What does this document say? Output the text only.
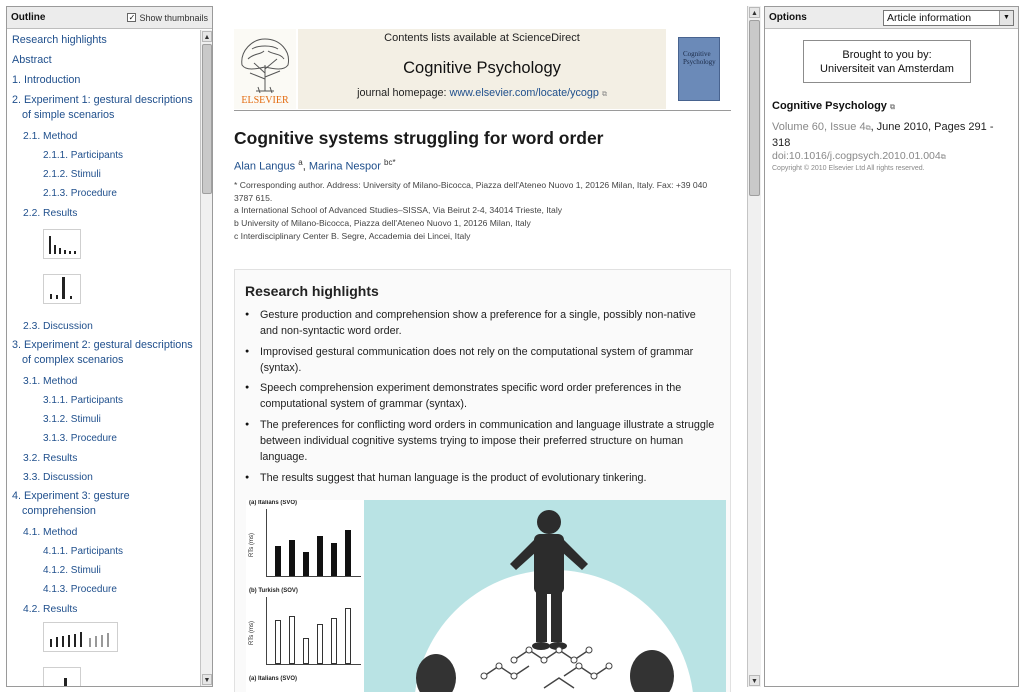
Outline	✓ Show thumbnails
Research highlights
Abstract
1. Introduction
2. Experiment 1: gestural descriptions
of simple scenarios
2.1. Method
2.1.1. Participants
2.1.2. Stimuli
2.1.3. Procedure
2.2. Results
2.3. Discussion
3. Experiment 2: gestural descriptions
of complex scenarios
3.1. Method
3.1.1. Participants
3.1.2. Stimuli
3.1.3. Procedure
3.2. Results
3.3. Discussion
4. Experiment 3: gesture
comprehension
4.1. Method
4.1.1. Participants
4.1.2. Stimuli
4.1.3. Procedure
4.2. Results
▲
▼
ELSEVIER
Contents lists available at ScienceDirect
Cognitive Psychology
journal homepage: www.elsevier.com/locate/ycogp ⧉
Cognitive Psychology
Cognitive systems struggling for word order
Alan Langus $^a$, Marina Nespor $^{bc*}$
* Corresponding author. Address: University of Milano-Bicocca, Piazza dell'Ateneo Nuovo 1, 20126 Milan, Italy. Fax: +39 040
3787 615.
a International School of Advanced Studies–SISSA, Via Beirut 2-4, 34014 Trieste, Italy
b University of Milano-Bicocca, Piazza dell'Ateneo Nuovo 1, 20126 Milan, Italy
c Interdisciplinary Center B. Segre, Accademia dei Lincei, Italy
Research highlights
● Gesture production and comprehension show a preference for a single, possibly non-native and non-syntactic word order.
● Improvised gestural communication does not rely on the computational system of grammar (syntax).
● Speech comprehension experiment demonstrates specific word order preferences in the computational system of grammar (syntax).
● The preferences for conflicting word orders in communication and language illustrate a struggle between individual cognitive systems trying to impose their preferred structure on human language.
● The results suggest that human language is the product of evolutionary tinkering.
(a) Italians (SVO)
(b) Turkish (SOV)
(a) Italians (SVO)
RTs (ms)
RTs (ms)
▲
▼
Options	Article information	▼
Brought to you by:
Universiteit van Amsterdam
Cognitive Psychology ⧉
Volume 60, Issue 4⧉, June 2010, Pages 291 - 318
doi:10.1016/j.cogpsych.2010.01.004⧉
Copyright © 2010 Elsevier Ltd All rights reserved.
